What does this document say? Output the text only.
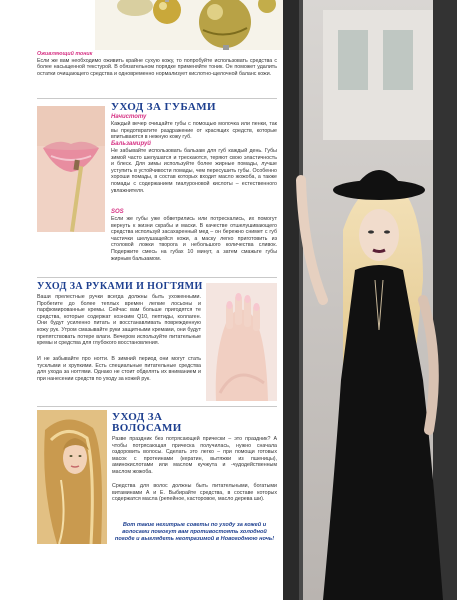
Оживляющий тоник
Если же вам необходимо оживить крайне сухую кожу, то попробуйте использовать средства с более насыщенной текстурой. В обязательном порядке применяйте тоник. Он поможет удалить остатки очищающего средства и одновременно нормализует кислотно-щелочной баланс кожи.
УХОД ЗА ГУБАМИ
Начистоту
Каждый вечер очищайте губы с помощью молочка или пенки, так вы предотвратите раздражение от красящих средств, которые впитываются в нежную кожу губ.
Бальзамируй
Не забывайте использовать бальзам для губ каждый день. Губы зимой часто шелушатся и трескаются, теряют свою эластичность и блеск. Для зимы используйте более жирные помады, лучше уступить в устойчивости помады, чем пересушить губы. Особенно хороши помады, в состав которых входит масло жожоба, а также помады с содержанием гиалуроновой кислоты – естественного увлажнителя.
SOS
Если же губы уже обветрились или потрескались, их помогут вернуть к жизни скрабы и маски. В качестве отшелушивающего средства используй засахаренный мед – он бережно снимет с губ частички шелушащейся кожи, а маску легко приготовить из столовой ложки творога и небольшого количества сливок. Подержите смесь на губах 10 минут, а затем смажьте губы жирным бальзамом.
УХОД ЗА РУКАМИ И НОГТЯМИ
Ваши прелестные ручки всегда должны быть ухоженными. Пробегите до более теплых времен легкие лосьоны и парфюмированные кремы. Сейчас вам больше пригодятся те средства, которые содержат коэнзим Q10, пептиды, коллаген. Они будут усиленно питать и восстанавливать поврежденную кожу рук. Утром смазывайте руки защитными кремами, они будут препятствовать потере влаги. Вечером используйте питательные кремы и средства для глубокого восстановления.
И не забывайте про ногти. В зимний период они могут стать тусклыми и хрупкими. Есть специальные питательные средства для ухода за ногтями. Однако не стоит обделять их вниманием и при нанесении средств по уходу за кожей рук.
УХОД ЗА
ВОЛОСАМИ
Разве праздник без потрясающей прически – это праздник? А чтобы потрясающая прическа получилась, нужно сначала оздоровить волосы. Сделать это легко – при помощи готовых масок с протеинами (кератин, вытяжки из пшеницы), аминокислотами или маслом кучжута и -чудодейственным маслом жожоба.
Средства для волос должны быть питательными, богатыми витаминами А и Е. Выбирайте средства, в составе которых содержатся масла (репейное, касторовое, масло дерева ши).
Вот такие нехитрые советы по уходу за кожей и волосами помогут вам противостоять холодной погоде и выглядеть неотразимой в Новогоднюю ночь!
